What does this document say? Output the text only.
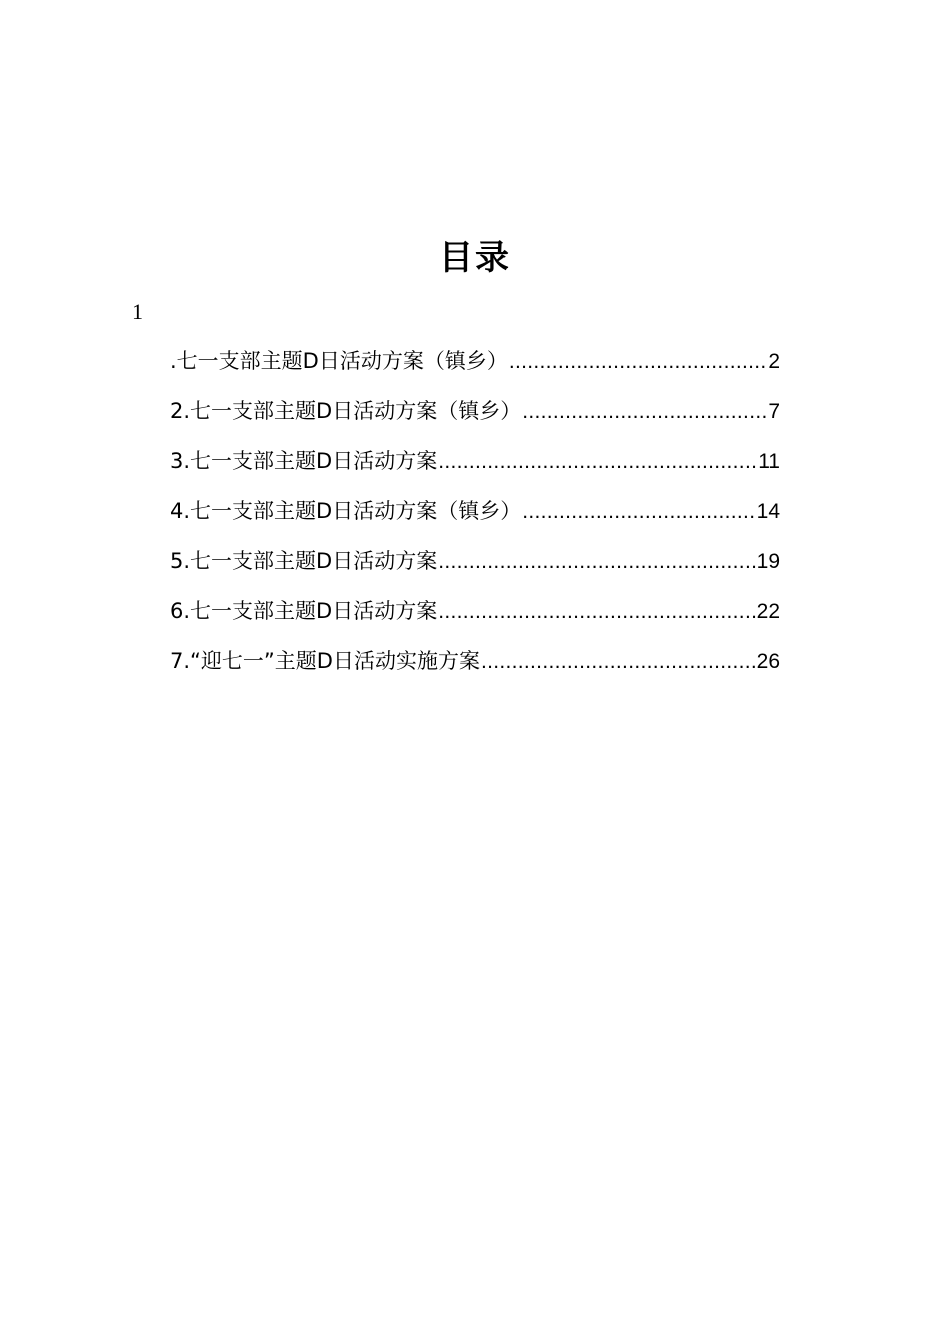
目录
1
.七一支部主题D日活动方案（镇乡） .....	2
2.七一支部主题D日活动方案（镇乡） .....	7
3.七一支部主题D日活动方案 .....	11
4.七一支部主题D日活动方案（镇乡） .....	14
5.七一支部主题D日活动方案 .....	19
6.七一支部主题D日活动方案 .....	22
7.“迎七一”主题D日活动实施方案 .....	26
